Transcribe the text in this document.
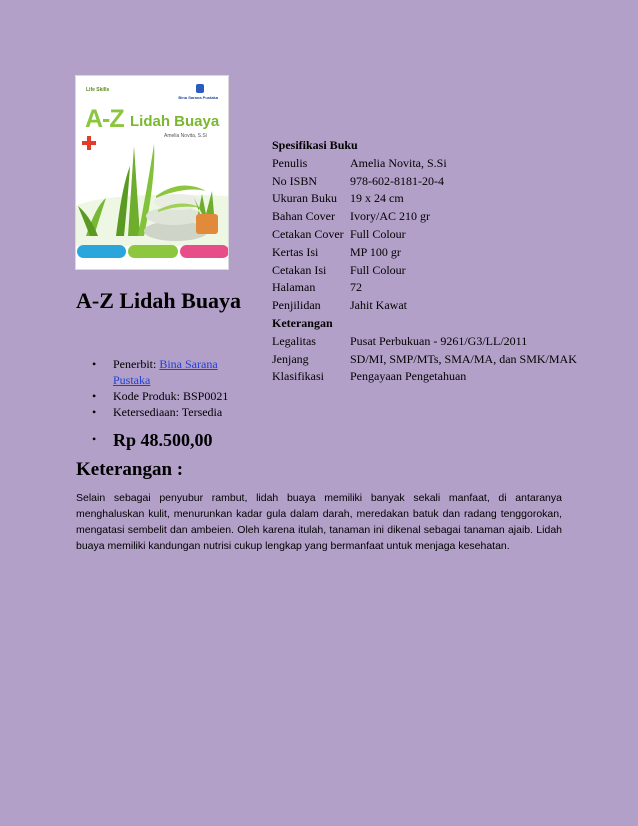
Life Skills
Bina Sarana Pustaka
A-Z Lidah Buaya
Amelia Novita, S.Si
A-Z Lidah Buaya
• Penerbit: Bina Sarana Pustaka
• Kode Produk: BSP0021
• Ketersediaan: Tersedia
• Rp 48.500,00
Spesifikasi Buku	
Penulis	Amelia Novita, S.Si
No ISBN	978-602-8181-20-4
Ukuran Buku	19 x 24 cm
Bahan Cover	Ivory/AC 210 gr
Cetakan Cover	Full Colour
Kertas Isi	MP 100 gr
Cetakan Isi	Full Colour
Halaman	72
Penjilidan	Jahit Kawat
Keterangan	
Legalitas	Pusat Perbukuan - 9261/G3/LL/2011
Jenjang	SD/MI, SMP/MTs, SMA/MA, dan SMK/MAK
Klasifikasi	Pengayaan Pengetahuan
Keterangan :

Selain sebagai penyubur rambut, lidah buaya memiliki banyak sekali manfaat, di antaranya menghaluskan kulit, menurunkan kadar gula dalam darah, meredakan batuk dan radang tenggorokan, mengatasi sembelit dan ambeien. Oleh karena itulah, tanaman ini dikenal sebagai tanaman ajaib. Lidah buaya memiliki kandungan nutrisi cukup lengkap yang bermanfaat untuk menjaga kesehatan.
